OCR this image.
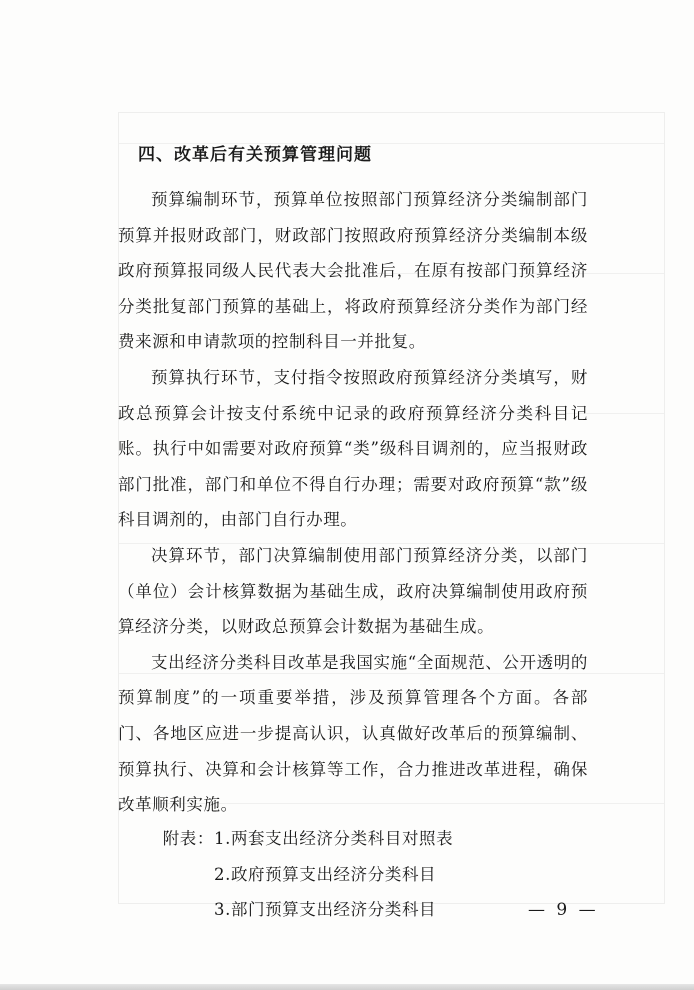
四、改革后有关预算管理问题

预算编制环节，预算单位按照部门预算经济分类编制部门预算并报财政部门，财政部门按照政府预算经济分类编制本级政府预算报同级人民代表大会批准后，在原有按部门预算经济分类批复部门预算的基础上，将政府预算经济分类作为部门经费来源和申请款项的控制科目一并批复。

预算执行环节，支付指令按照政府预算经济分类填写，财政总预算会计按支付系统中记录的政府预算经济分类科目记账。执行中如需要对政府预算“类”级科目调剂的，应当报财政部门批准，部门和单位不得自行办理；需要对政府预算“款”级科目调剂的，由部门自行办理。

决算环节，部门决算编制使用部门预算经济分类，以部门（单位）会计核算数据为基础生成，政府决算编制使用政府预算经济分类，以财政总预算会计数据为基础生成。

支出经济分类科目改革是我国实施“全面规范、公开透明的预算制度”的一项重要举措，涉及预算管理各个方面。各部门、各地区应进一步提高认识，认真做好改革后的预算编制、预算执行、决算和会计核算等工作，合力推进改革进程，确保改革顺利实施。

附表：1.两套支出经济分类科目对照表
2.政府预算支出经济分类科目
3.部门预算支出经济分类科目	— 9 —
